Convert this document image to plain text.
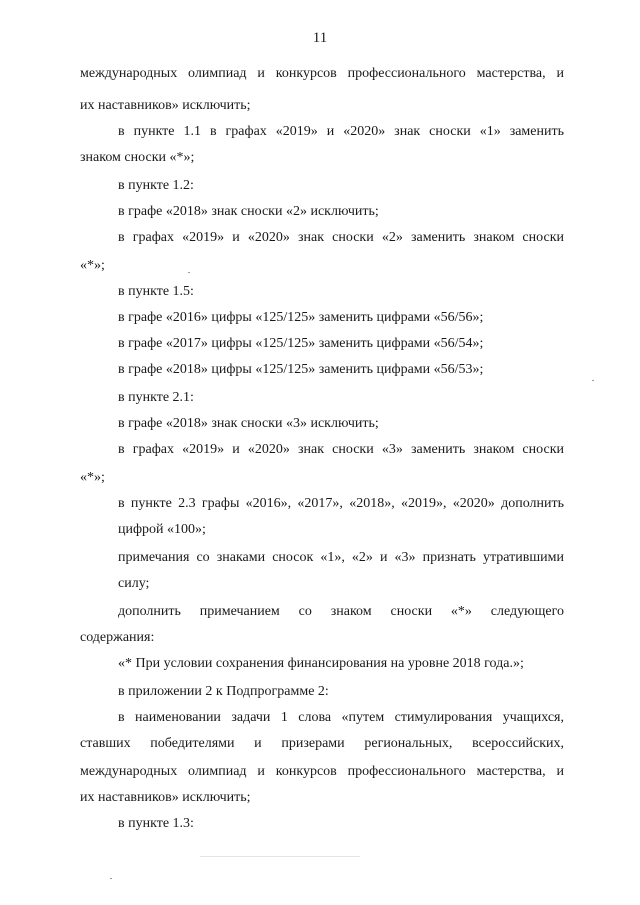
11
международных олимпиад и конкурсов профессионального мастерства, и
их наставников» исключить;
в пункте 1.1 в графах «2019» и «2020» знак сноски «1» заменить
знаком сноски «*»;
в пункте 1.2:
в графе «2018» знак сноски «2» исключить;
в графах «2019» и «2020» знак сноски «2» заменить знаком сноски
«*»;
в пункте 1.5:
в графе «2016» цифры «125/125» заменить цифрами «56/56»;
в графе «2017» цифры «125/125» заменить цифрами «56/54»;
в графе «2018» цифры «125/125» заменить цифрами «56/53»;
в пункте 2.1:
в графе «2018» знак сноски «3» исключить;
в графах «2019» и «2020» знак сноски «3» заменить знаком сноски
«*»;
в пункте 2.3 графы «2016», «2017», «2018», «2019», «2020» дополнить
цифрой «100»;
примечания со знаками сносок «1», «2» и «3» признать утратившими
силу;
дополнить примечанием со знаком сноски «*» следующего
содержания:
«* При условии сохранения финансирования на уровне 2018 года.»;
в приложении 2 к Подпрограмме 2:
в наименовании задачи 1 слова «путем стимулирования учащихся,
ставших победителями и призерами региональных, всероссийских,
международных олимпиад и конкурсов профессионального мастерства, и
их наставников» исключить;
в пункте 1.3:
